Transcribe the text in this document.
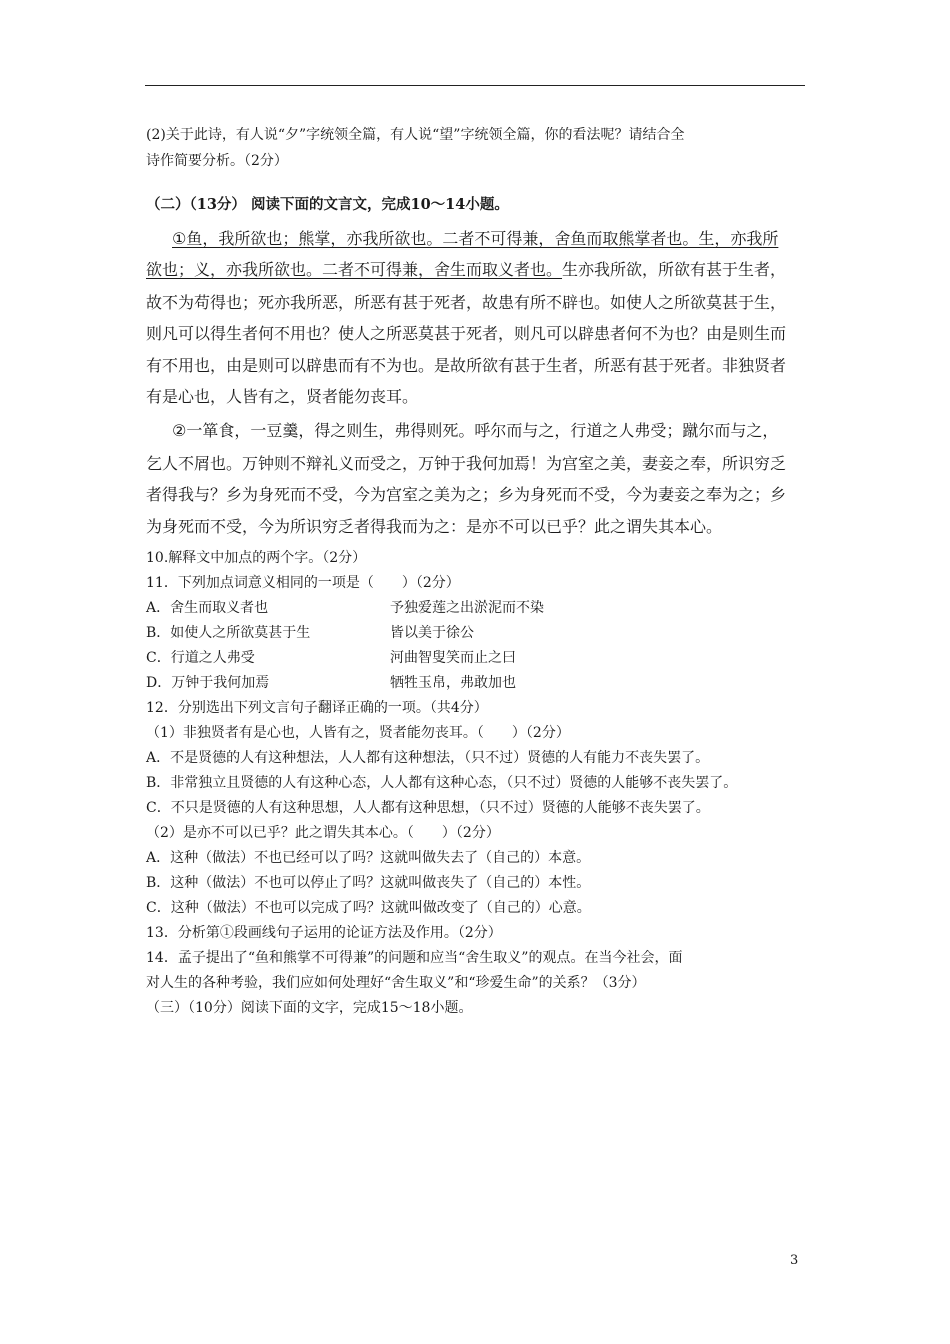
(2)关于此诗，有人说“夕”字统领全篇，有人说“望”字统领全篇，你的看法呢？请结合全
诗作简要分析。（2分）
（二）（13分） 阅读下面的文言文，完成10～14小题。
①鱼，我所欲也；熊掌，亦我所欲也。二者不可得兼，舍鱼而取熊掌者也。生，亦我所
欲也；义，亦我所欲也。二者不可得兼，舍生而取义者也。生亦我所欲，所欲有甚于生者，
故不为苟得也；死亦我所恶，所恶有甚于死者，故患有所不辟也。如使人之所欲莫甚于生，
则凡可以得生者何不用也？使人之所恶莫甚于死者，则凡可以辟患者何不为也？由是则生而
有不用也，由是则可以辟患而有不为也。是故所欲有甚于生者，所恶有甚于死者。非独贤者
有是心也，人皆有之，贤者能勿丧耳。
②一箪食，一豆羹，得之则生，弗得则死。呼尔而与之，行道之人弗受；蹴尔而与之，
乞人不屑也。万钟则不辩礼义而受之，万钟于我何加焉！为宫室之美，妻妾之奉，所识穷乏
者得我与？乡为身死而不受，今为宫室之美为之；乡为身死而不受，今为妻妾之奉为之；乡
为身死而不受，今为所识穷乏者得我而为之：是亦不可以已乎？此之谓失其本心。
10.解释文中加点的两个字。（2分）
11．下列加点词意义相同的一项是（　　）（2分）
A．舍生而取义者也	予独爱莲之出淤泥而不染
B．如使人之所欲莫甚于生	皆以美于徐公
C．行道之人弗受	河曲智叟笑而止之曰
D．万钟于我何加焉	牺牲玉帛，弗敢加也
12．分别选出下列文言句子翻译正确的一项。（共4分）
（1）非独贤者有是心也，人皆有之，贤者能勿丧耳。（　　）（2分）
A．不是贤德的人有这种想法，人人都有这种想法，（只不过）贤德的人有能力不丧失罢了。
B．非常独立且贤德的人有这种心态，人人都有这种心态，（只不过）贤德的人能够不丧失罢了。
C．不只是贤德的人有这种思想，人人都有这种思想，（只不过）贤德的人能够不丧失罢了。
（2）是亦不可以已乎？此之谓失其本心。（　　）（2分）
A．这种（做法）不也已经可以了吗？这就叫做失去了（自己的）本意。
B．这种（做法）不也可以停止了吗？这就叫做丧失了（自己的）本性。
C．这种（做法）不也可以完成了吗？这就叫做改变了（自己的）心意。
13．分析第①段画线句子运用的论证方法及作用。（2分）
14．孟子提出了“鱼和熊掌不可得兼”的问题和应当“舍生取义”的观点。在当今社会，面
对人生的各种考验，我们应如何处理好“舍生取义”和“珍爱生命”的关系？（3分）
（三）（10分）阅读下面的文字，完成15～18小题。
3
